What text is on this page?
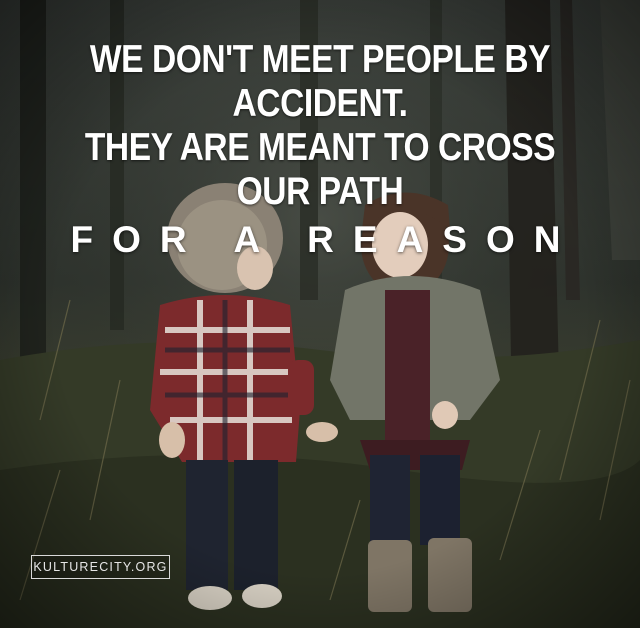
WE DON'T MEET PEOPLE BY ACCIDENT.
THEY ARE MEANT TO CROSS OUR PATH
FOR A REASON
KULTURECITY.ORG
